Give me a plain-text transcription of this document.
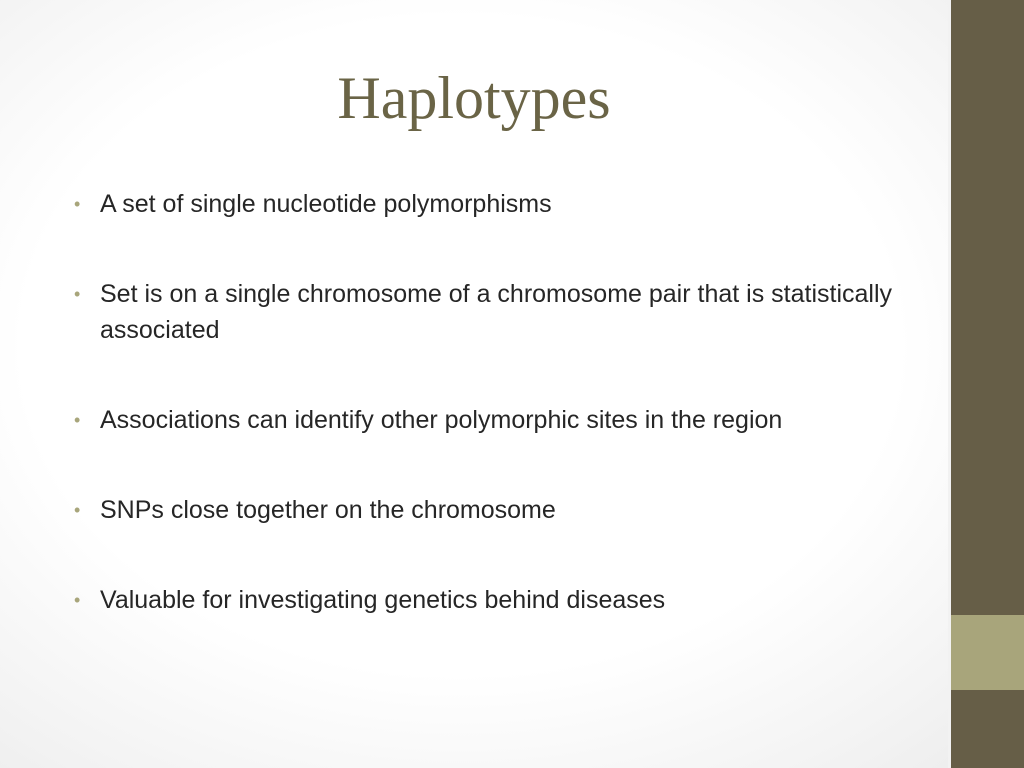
Haplotypes
• A set of single nucleotide polymorphisms
• Set is on a single chromosome of a chromosome pair that is statistically associated
• Associations can identify other polymorphic sites in the region
• SNPs close together on the chromosome
• Valuable for investigating genetics behind diseases
